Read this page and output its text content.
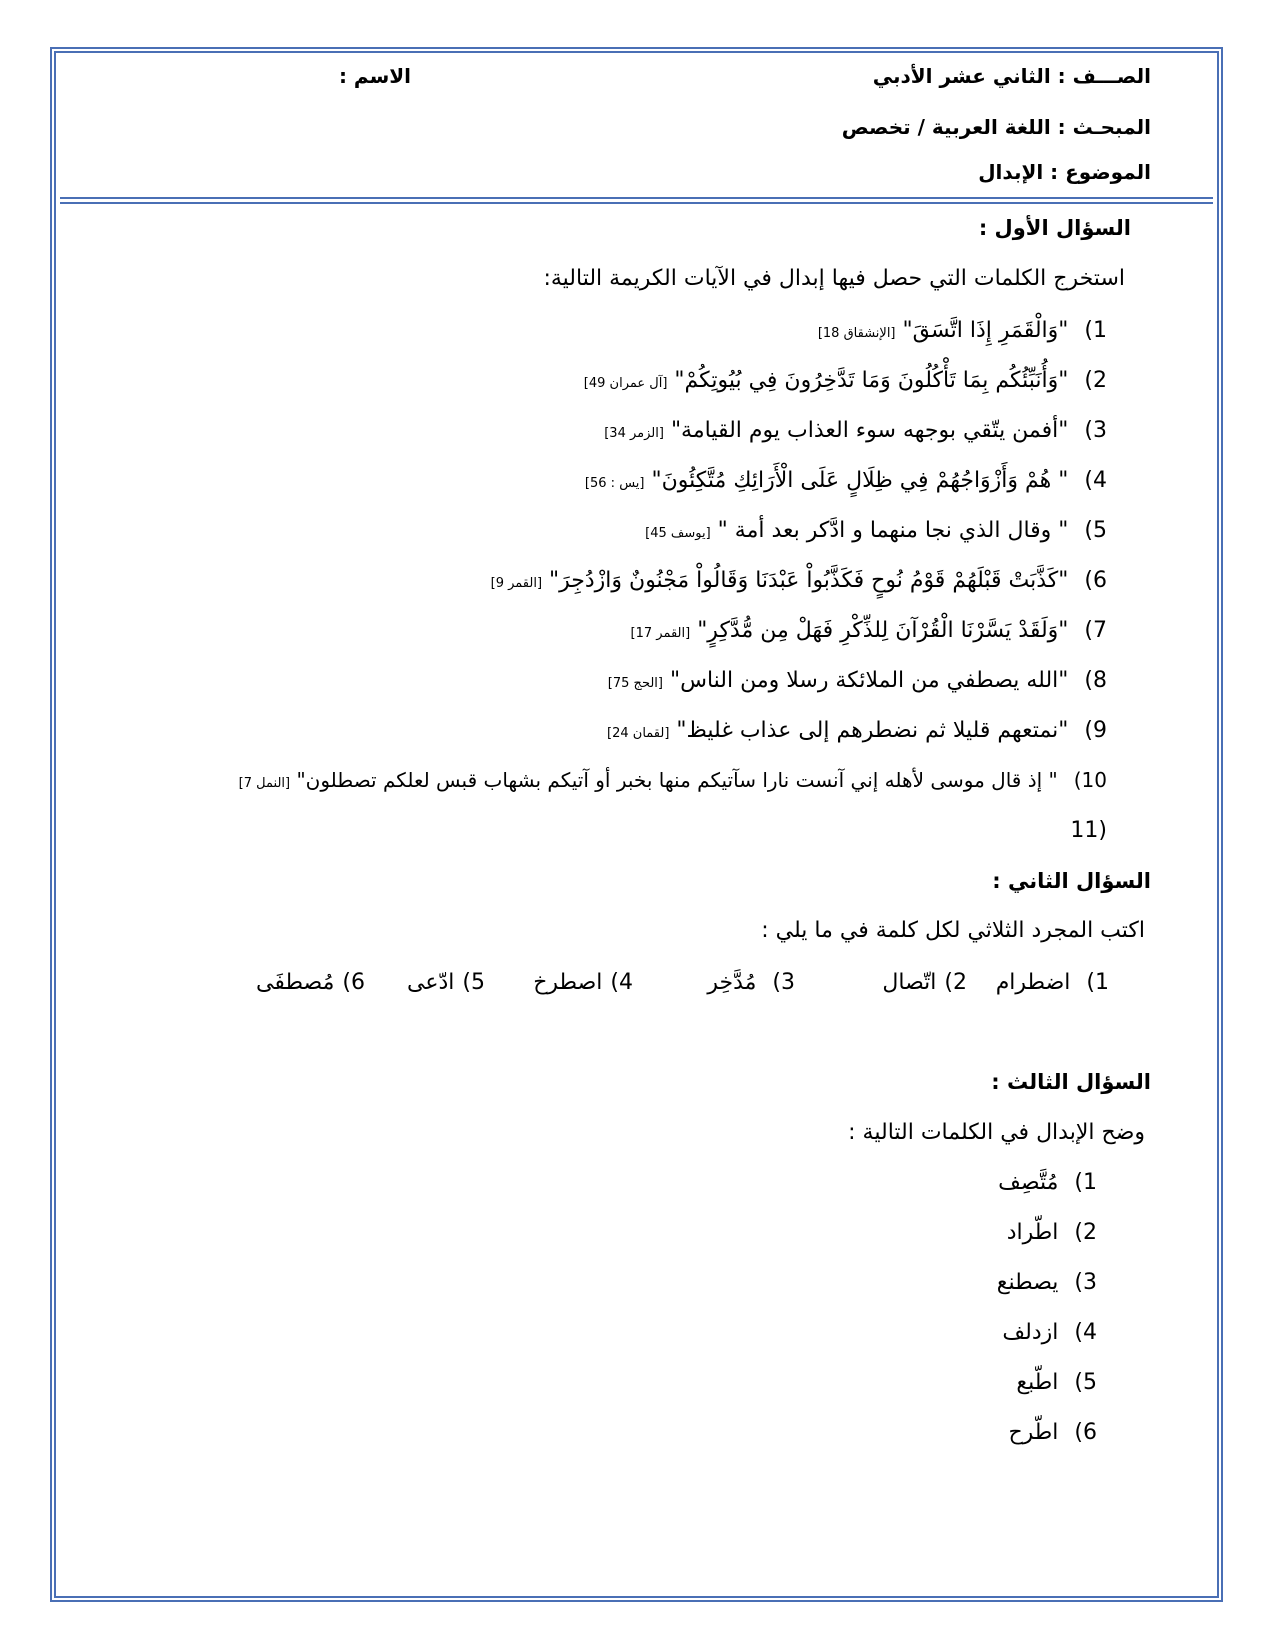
الصـــف : الثاني عشر الأدبي
الاسم :
المبحـث : اللغة العربية / تخصص
الموضوع : الإبدال
السؤال الأول :
استخرج الكلمات التي حصل فيها إبدال في الآيات الكريمة التالية:
1)"وَالْقَمَرِ إِذَا اتَّسَقَ" [الإنشقاق 18]
2)"وَأُنَبِّئُكُم بِمَا تَأْكُلُونَ وَمَا تَدَّخِرُونَ فِي بُيُوتِكُمْ" [آل عمران 49]
3)"أفمن يتّقي بوجهه سوء العذاب يوم القيامة" [الزمر 34]
4)" هُمْ وَأَزْوَاجُهُمْ فِي ظِلَالٍ عَلَى الْأَرَائِكِ مُتَّكِئُونَ" [يس : 56]
5)" وقال الذي نجا منهما و ادَّكر بعد أمة " [يوسف 45]
6)"كَذَّبَتْ قَبْلَهُمْ قَوْمُ نُوحٍ فَكَذَّبُواْ عَبْدَنَا وَقَالُواْ مَجْنُونٌ وَازْدُجِرَ" [القمر 9]
7)"وَلَقَدْ يَسَّرْنَا الْقُرْآنَ لِلذِّكْرِ فَهَلْ مِن مُّدَّكِرٍ" [القمر 17]
8)"الله يصطفي من الملائكة رسلا ومن الناس" [الحج 75]
9)"نمتعهم قليلا ثم نضطرهم إلى عذاب غليظ" [لقمان 24]
10)" إذ قال موسى لأهله إني آنست نارا سآتيكم منها بخبر أو آتيكم بشهاب قبس لعلكم تصطلون" [النمل 7]
(11
السؤال الثاني :
اكتب المجرد الثلاثي لكل كلمة في ما يلي :
1)اضطرام
2)اتّصال
3)مُدَّخِر
4)اصطرخ
5)ادّعى
6)مُصطفَى
السؤال الثالث :
وضح الإبدال في الكلمات التالية :
1)مُتَّصِف
2)اطّراد
3)يصطنع
4)ازدلف
5)اطّبع
6)اطّرح
